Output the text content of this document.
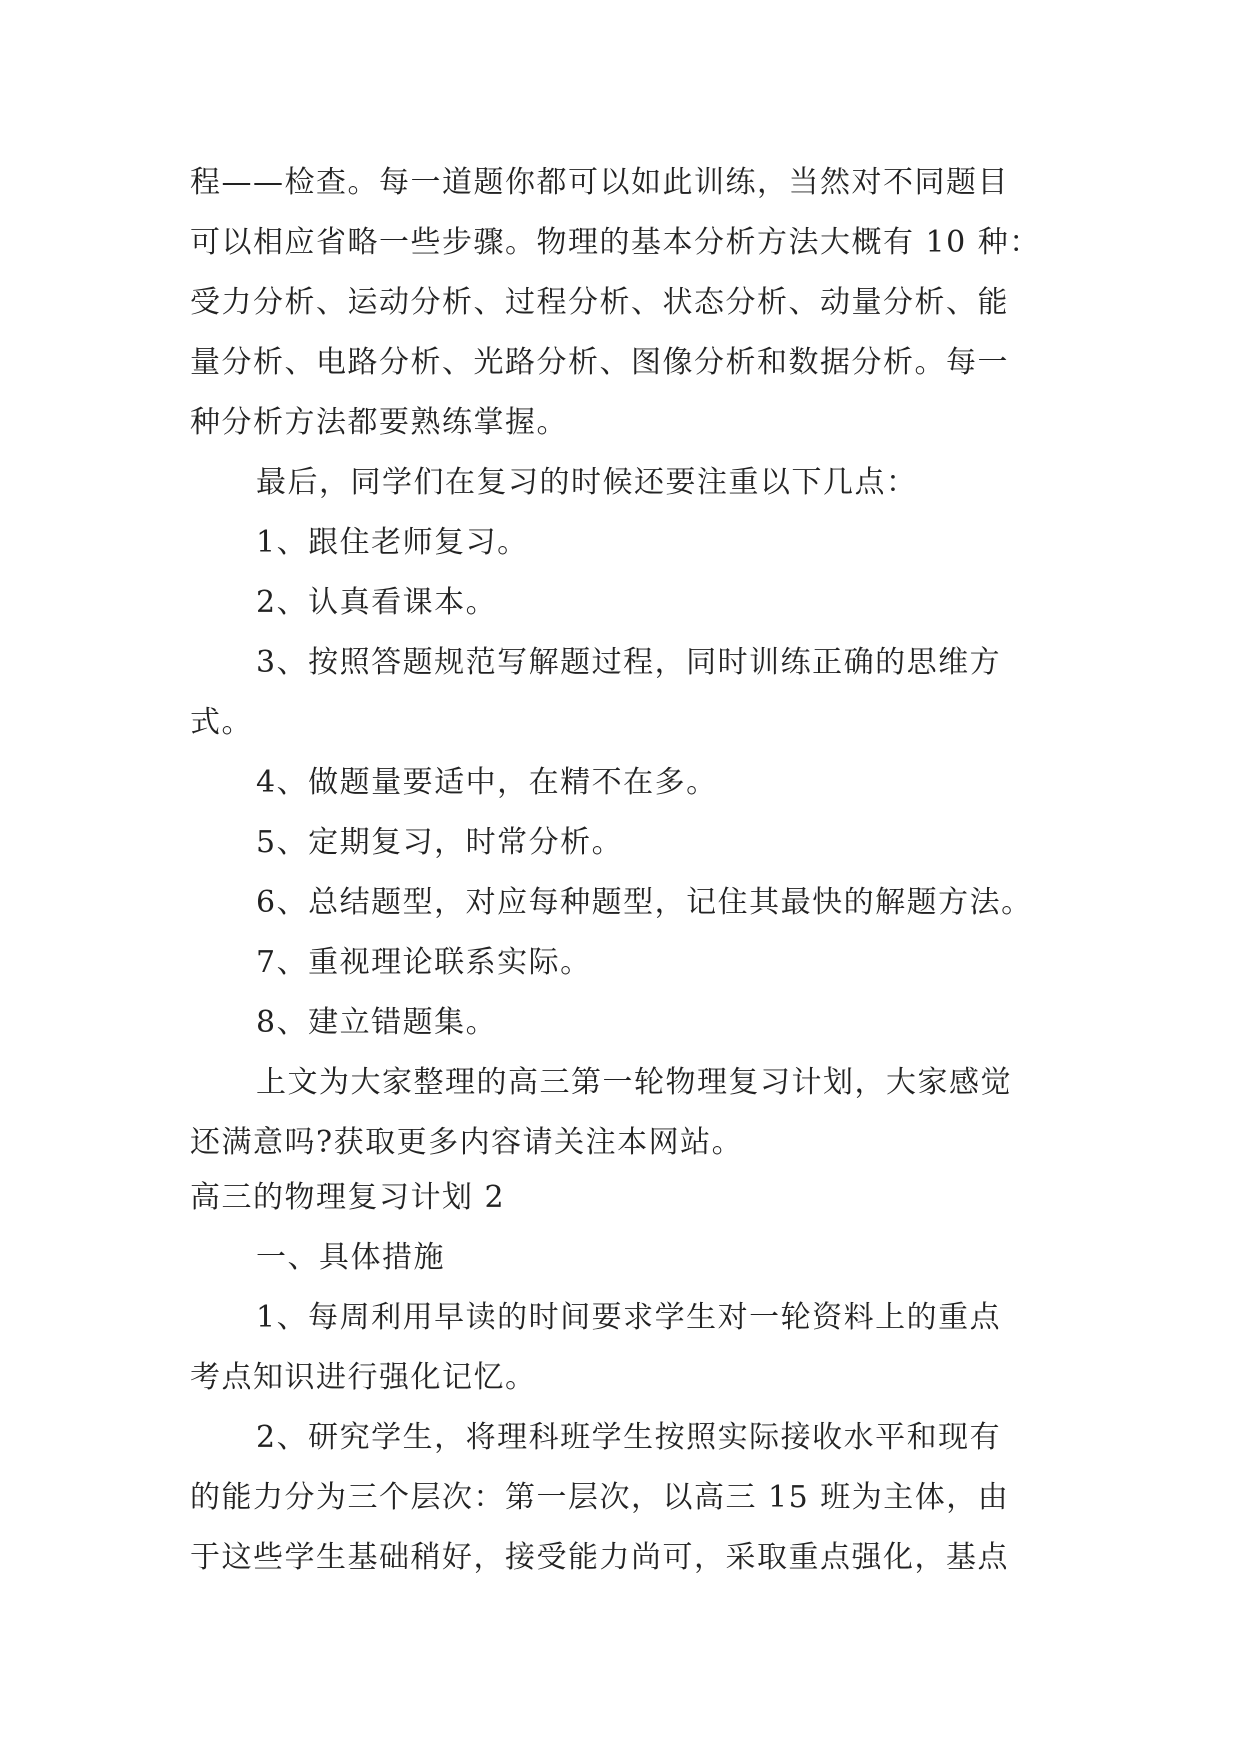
程——检查。每一道题你都可以如此训练，当然对不同题目
可以相应省略一些步骤。物理的基本分析方法大概有 10 种：
受力分析、运动分析、过程分析、状态分析、动量分析、能
量分析、电路分析、光路分析、图像分析和数据分析。每一
种分析方法都要熟练掌握。
最后，同学们在复习的时候还要注重以下几点：
1、跟住老师复习。
2、认真看课本。
3、按照答题规范写解题过程，同时训练正确的思维方
式。
4、做题量要适中，在精不在多。
5、定期复习，时常分析。
6、总结题型，对应每种题型，记住其最快的解题方法。
7、重视理论联系实际。
8、建立错题集。
上文为大家整理的高三第一轮物理复习计划，大家感觉
还满意吗?获取更多内容请关注本网站。
高三的物理复习计划 2
一、具体措施
1、每周利用早读的时间要求学生对一轮资料上的重点
考点知识进行强化记忆。
2、研究学生，将理科班学生按照实际接收水平和现有
的能力分为三个层次：第一层次，以高三 15 班为主体，由
于这些学生基础稍好，接受能力尚可，采取重点强化，基点
